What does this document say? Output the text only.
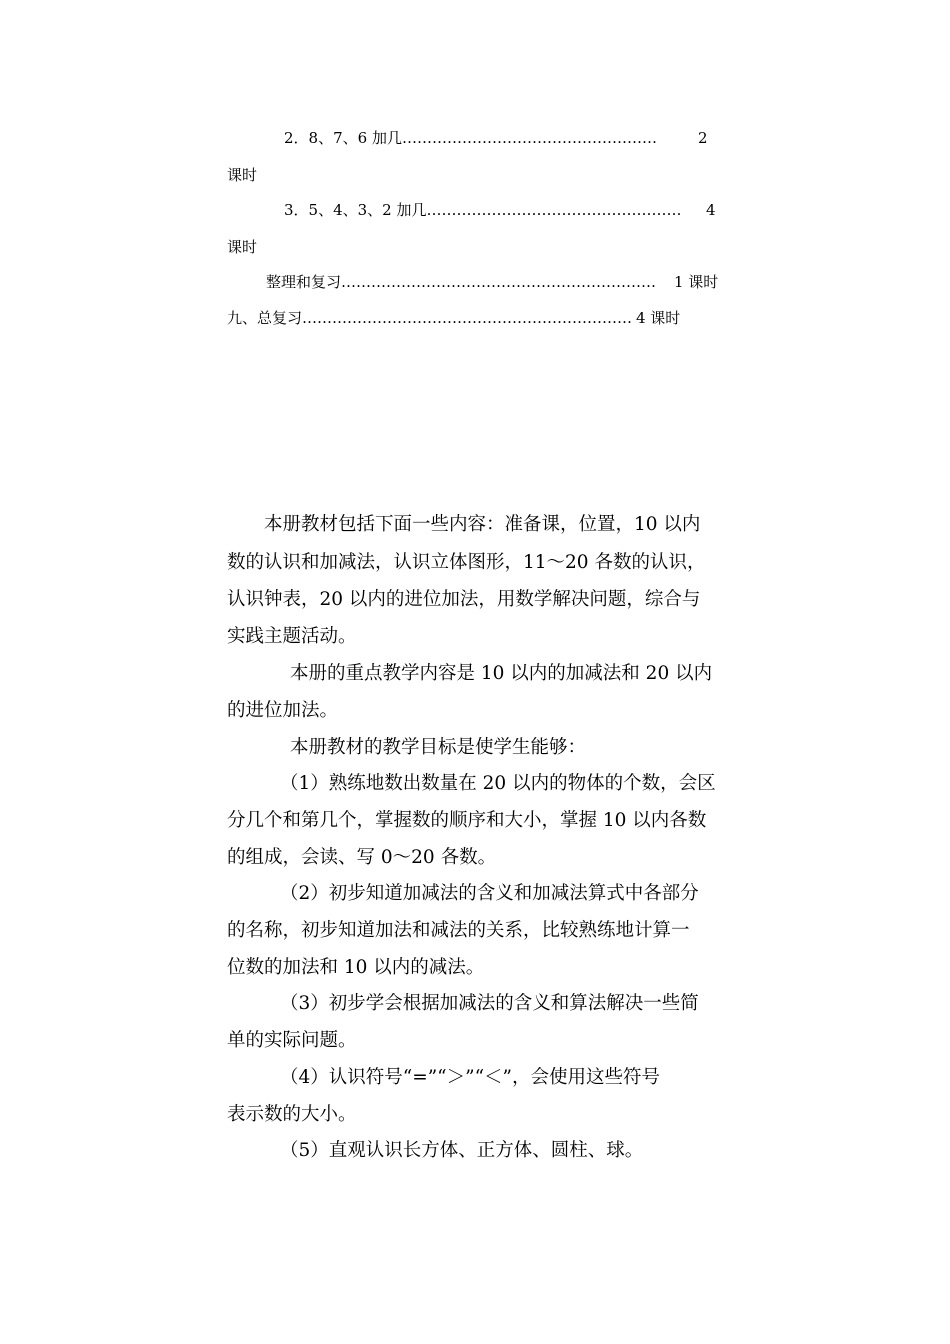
2．8、7、6 加几……………………………………………	2
课时
3．5、4、3、2 加几…………………………………………… 4
课时
整理和复习……………………………………………………… 1 课时
九、总复习………………………………………………………… 4 课时
本册教材包括下面一些内容：准备课，位置，10 以内
数的认识和加减法，认识立体图形，11～20 各数的认识，
认识钟表，20 以内的进位加法，用数学解决问题，综合与
实践主题活动。
本册的重点教学内容是 10 以内的加减法和 20 以内
的进位加法。
本册教材的教学目标是使学生能够：
（1）熟练地数出数量在 20 以内的物体的个数，会区
分几个和第几个，掌握数的顺序和大小，掌握 10 以内各数
的组成，会读、写 0～20 各数。
（2）初步知道加减法的含义和加减法算式中各部分
的名称，初步知道加法和减法的关系，比较熟练地计算一
位数的加法和 10 以内的减法。
（3）初步学会根据加减法的含义和算法解决一些简
单的实际问题。
（4）认识符号“=”“＞”“＜”，会使用这些符号
表示数的大小。
（5）直观认识长方体、正方体、圆柱、球。
